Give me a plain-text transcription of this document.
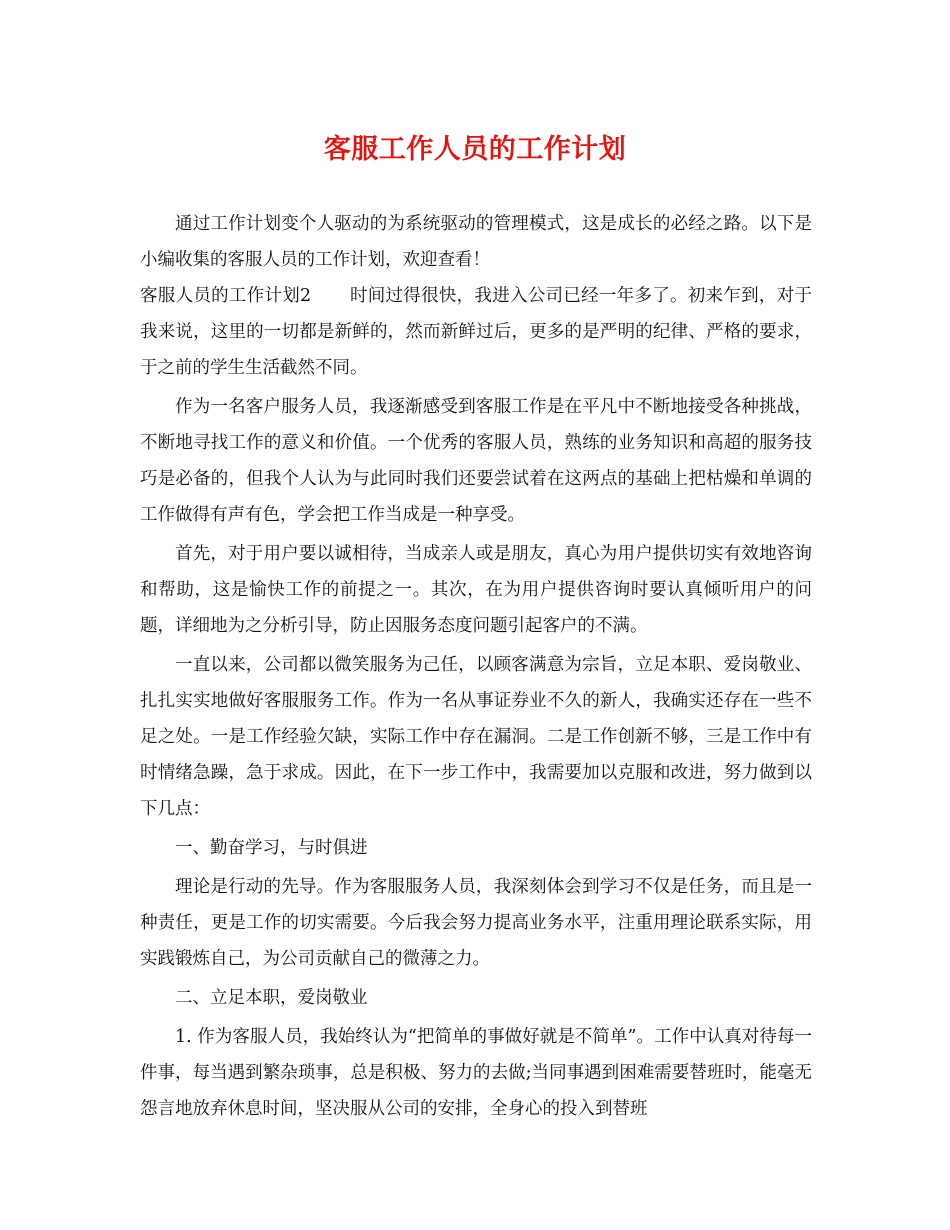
客服工作人员的工作计划

通过工作计划变个人驱动的为系统驱动的管理模式，这是成长的必经之路。以下是小编收集的客服人员的工作计划，欢迎查看！

客服人员的工作计划2 时间过得很快，我进入公司已经一年多了。初来乍到，对于我来说，这里的一切都是新鲜的，然而新鲜过后，更多的是严明的纪律、严格的要求，于之前的学生生活截然不同。

作为一名客户服务人员，我逐渐感受到客服工作是在平凡中不断地接受各种挑战，不断地寻找工作的意义和价值。一个优秀的客服人员，熟练的业务知识和高超的服务技巧是必备的，但我个人认为与此同时我们还要尝试着在这两点的基础上把枯燥和单调的工作做得有声有色，学会把工作当成是一种享受。

首先，对于用户要以诚相待，当成亲人或是朋友，真心为用户提供切实有效地咨询和帮助，这是愉快工作的前提之一。其次，在为用户提供咨询时要认真倾听用户的问题，详细地为之分析引导，防止因服务态度问题引起客户的不满。

一直以来，公司都以微笑服务为己任，以顾客满意为宗旨，立足本职、爱岗敬业、扎扎实实地做好客服服务工作。作为一名从事证券业不久的新人，我确实还存在一些不足之处。一是工作经验欠缺，实际工作中存在漏洞。二是工作创新不够，三是工作中有时情绪急躁，急于求成。因此，在下一步工作中，我需要加以克服和改进，努力做到以下几点：

一、勤奋学习，与时俱进

理论是行动的先导。作为客服服务人员，我深刻体会到学习不仅是任务，而且是一种责任，更是工作的切实需要。今后我会努力提高业务水平，注重用理论联系实际，用实践锻炼自己，为公司贡献自己的微薄之力。

二、立足本职，爱岗敬业

1. 作为客服人员，我始终认为“把简单的事做好就是不简单”。工作中认真对待每一件事，每当遇到繁杂琐事，总是积极、努力的去做;当同事遇到困难需要替班时，能毫无怨言地放弃休息时间，坚决服从公司的安排，全身心的投入到替班
